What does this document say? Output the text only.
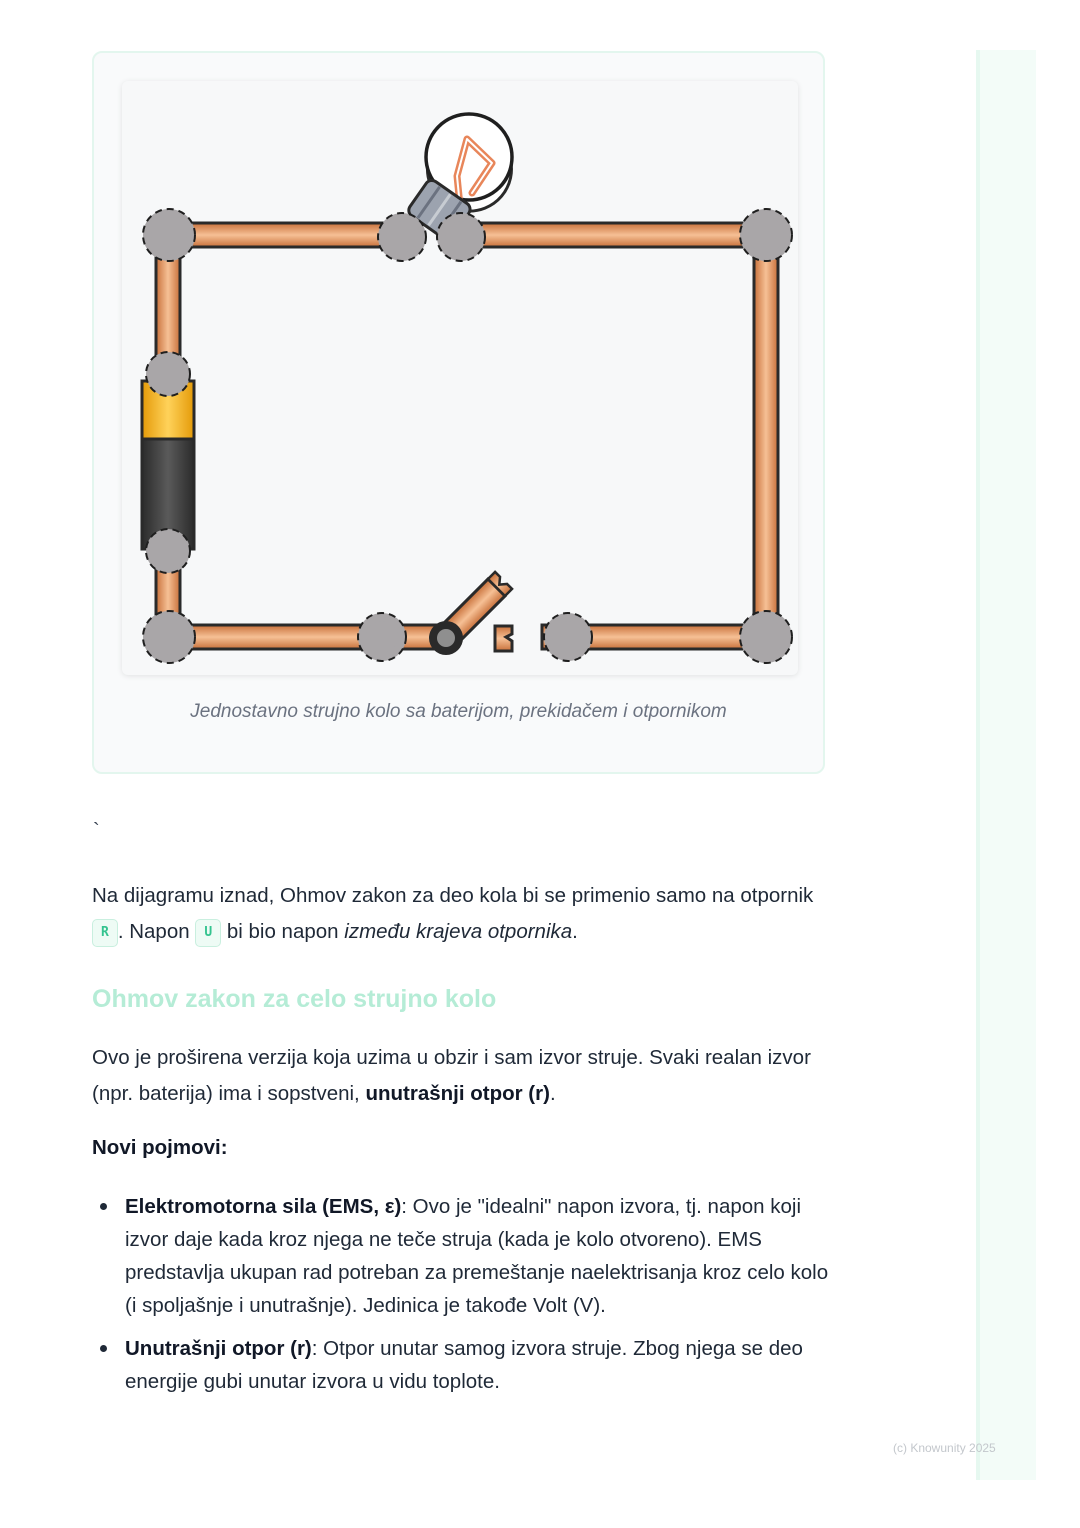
Jednostavno strujno kolo sa baterijom, prekidačem i otpornikom
`

Na dijagramu iznad, Ohmov zakon za deo kola bi se primenio samo na otpornik R . Napon U bi bio napon između krajeva otpornika.

Ohmov zakon za celo strujno kolo

Ovo je proširena verzija koja uzima u obzir i sam izvor struje. Svaki realan izvor (npr. baterija) ima i sopstveni, unutrašnji otpor (r).

Novi pojmovi:
Elektromotorna sila (EMS, ε): Ovo je "idealni" napon izvora, tj. napon koji izvor daje kada kroz njega ne teče struja (kada je kolo otvoreno). EMS predstavlja ukupan rad potreban za premeštanje naelektrisanja kroz celo kolo (i spoljašnje i unutrašnje). Jedinica je takođe Volt (V).
Unutrašnji otpor (r): Otpor unutar samog izvora struje. Zbog njega se deo energije gubi unutar izvora u vidu toplote.
(c) Knowunity 2025
